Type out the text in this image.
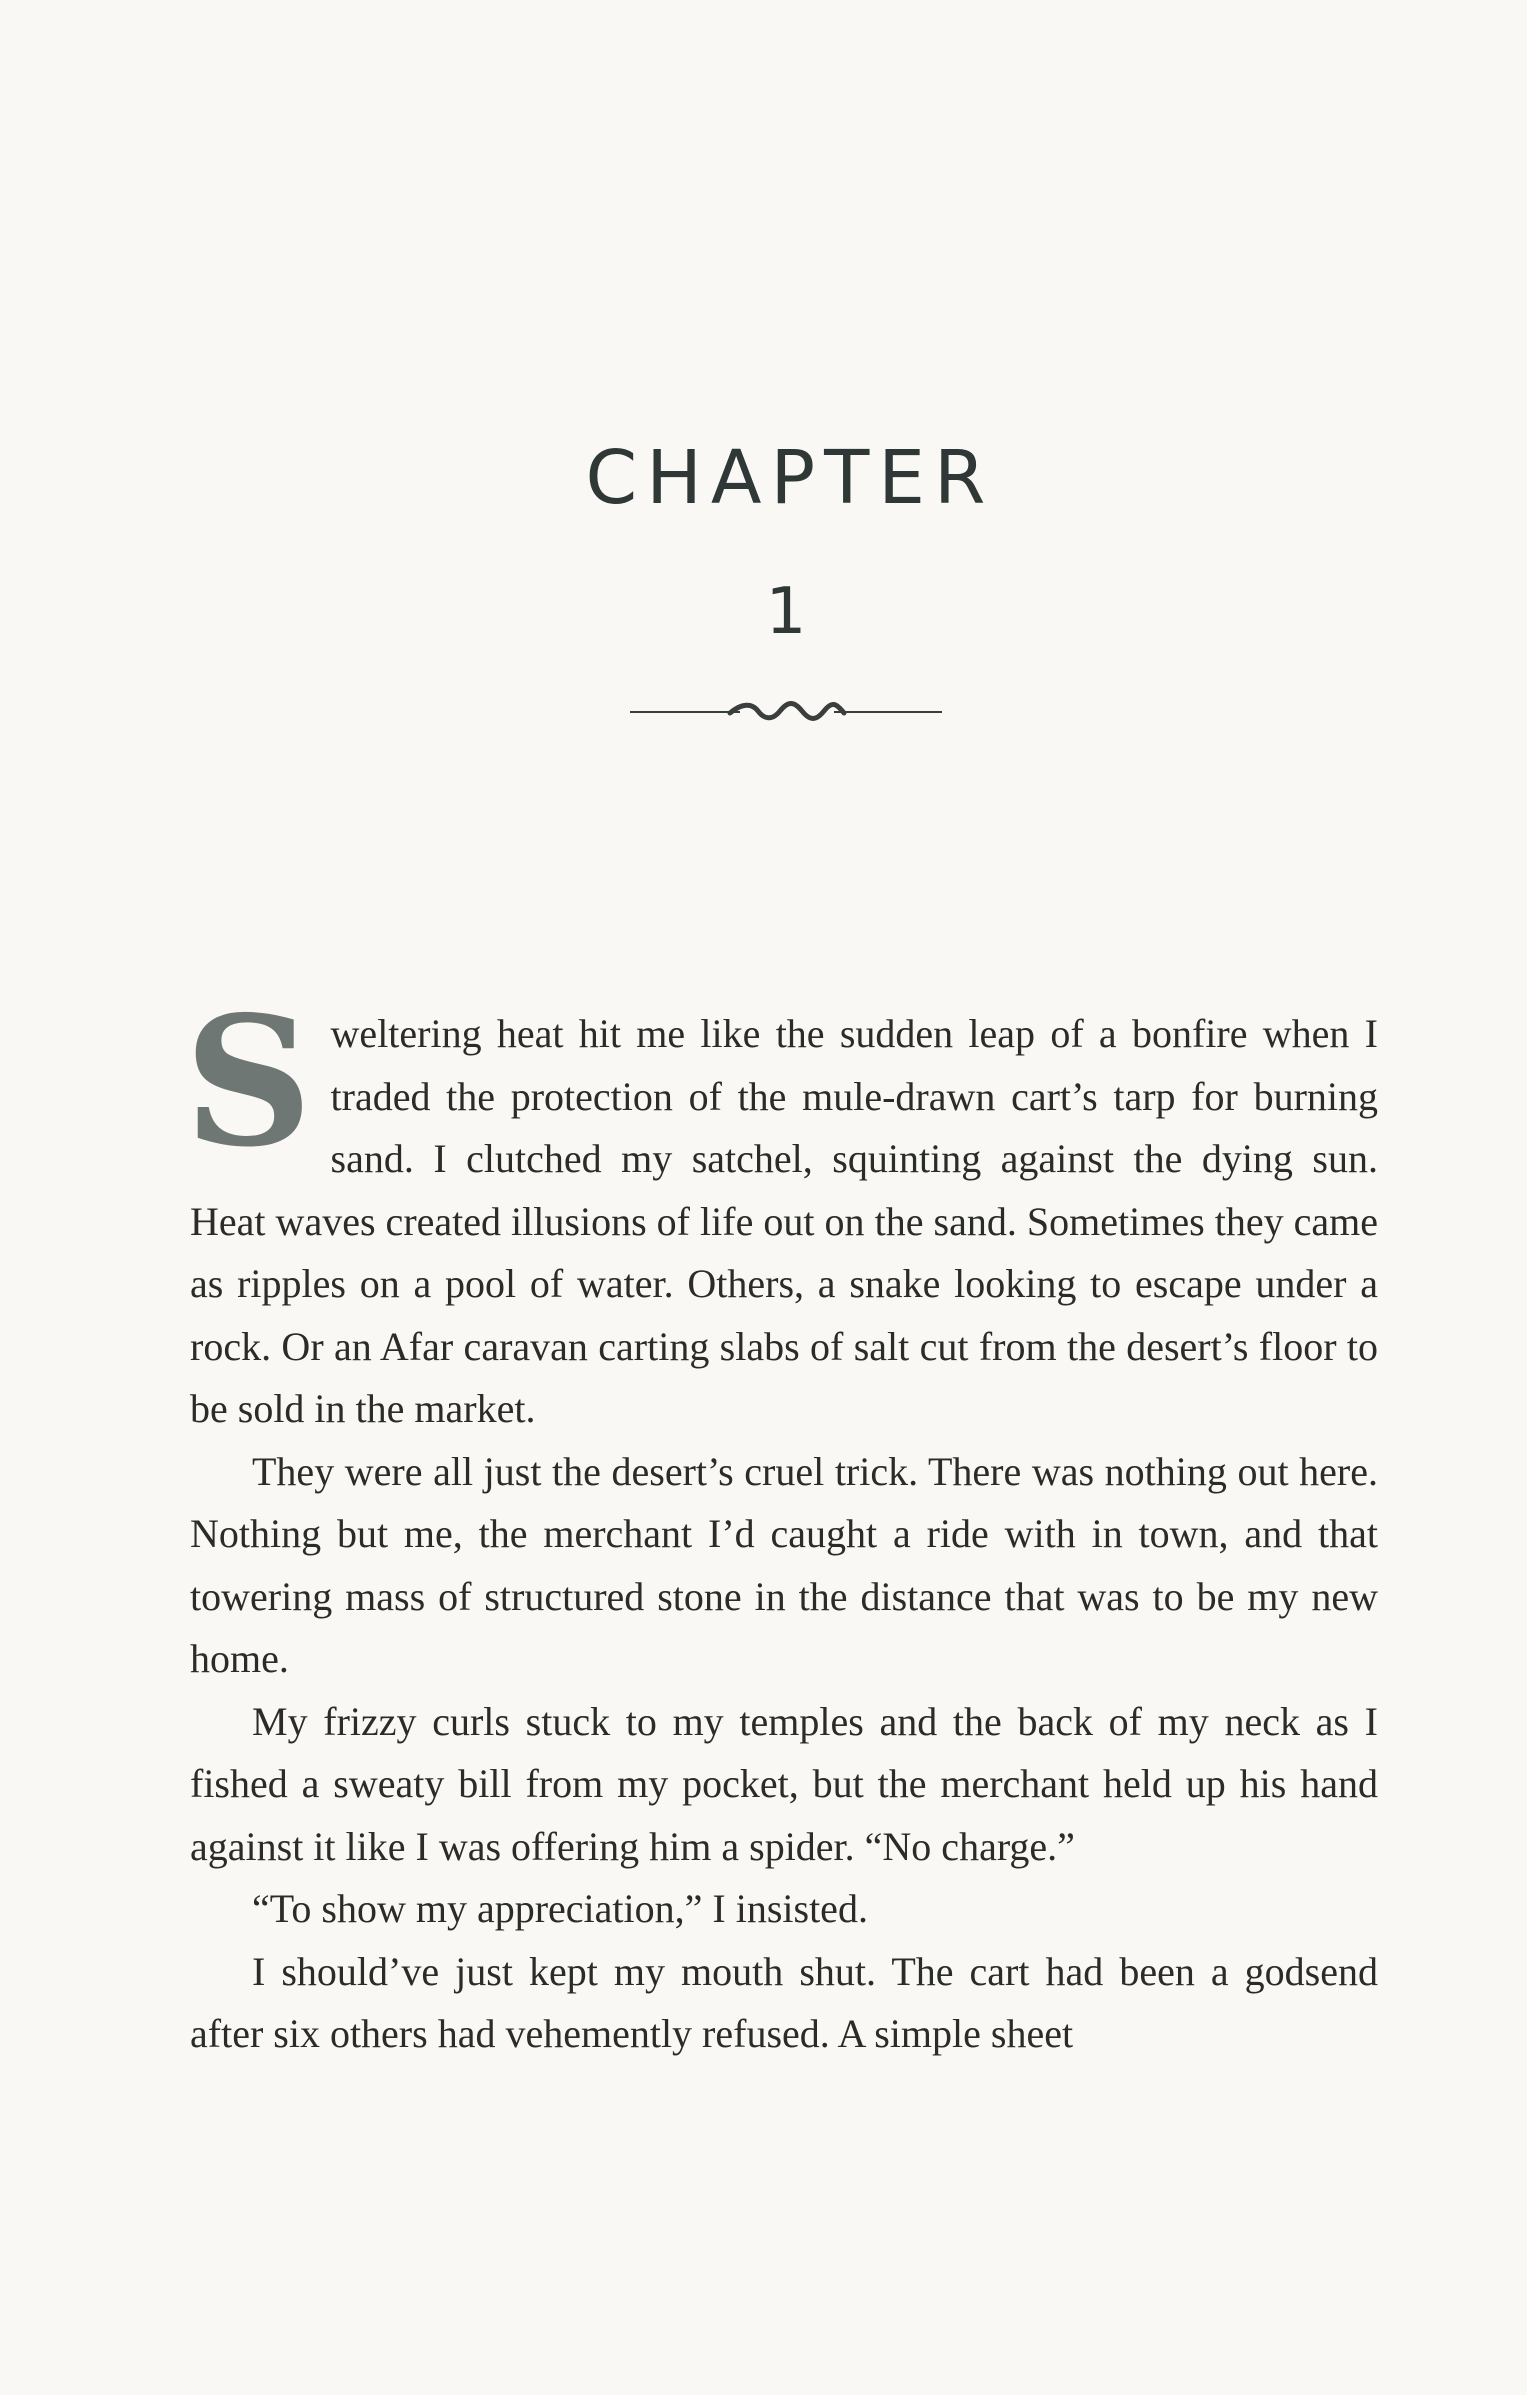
CHAPTER
1

Sweltering heat hit me like the sudden leap of a bonfire when I traded the protection of the mule-drawn cart’s tarp for burning sand. I clutched my satchel, squinting against the dying sun. Heat waves created illusions of life out on the sand. Sometimes they came as ripples on a pool of water. Others, a snake looking to escape under a rock. Or an Afar caravan carting slabs of salt cut from the desert’s floor to be sold in the market.

They were all just the desert’s cruel trick. There was nothing out here. Nothing but me, the merchant I’d caught a ride with in town, and that towering mass of structured stone in the distance that was to be my new home.

My frizzy curls stuck to my temples and the back of my neck as I fished a sweaty bill from my pocket, but the merchant held up his hand against it like I was offering him a spider. “No charge.”

“To show my appreciation,” I insisted.

I should’ve just kept my mouth shut. The cart had been a godsend after six others had vehemently refused. A simple sheet
